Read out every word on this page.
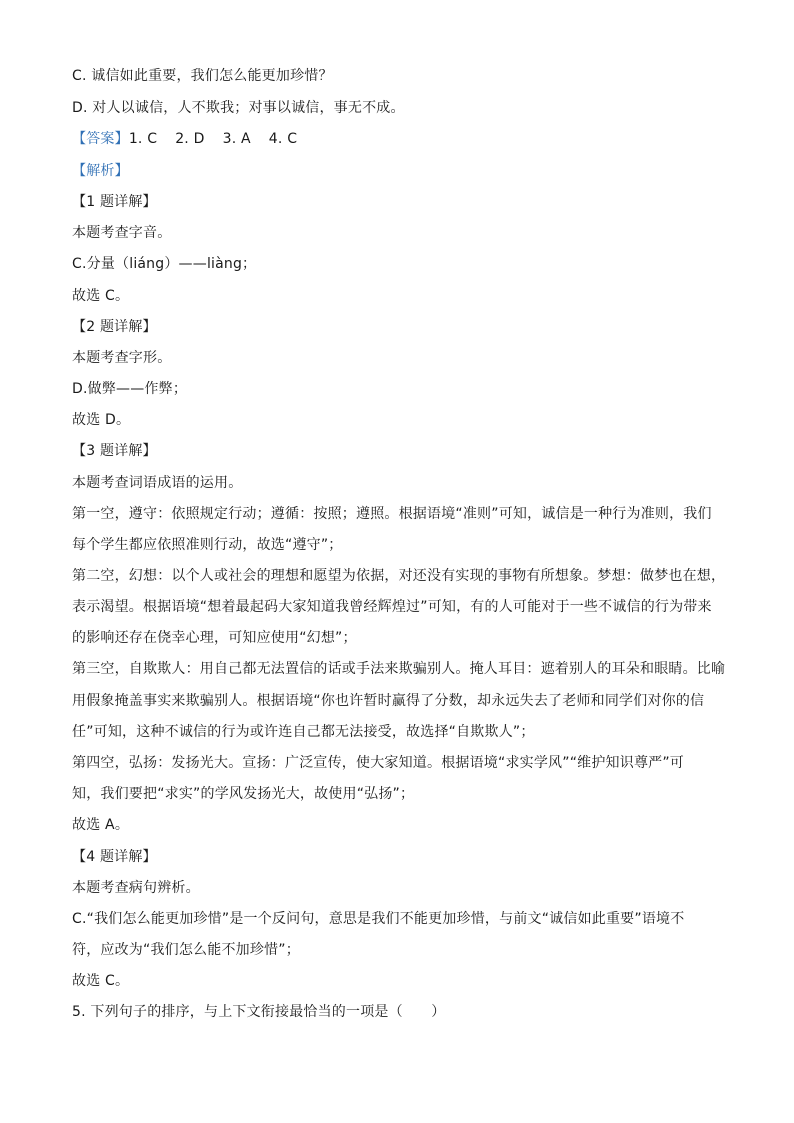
C. 诚信如此重要，我们怎么能更加珍惜？
D. 对人以诚信，人不欺我；对事以诚信，事无不成。
【答案】1. C 2. D 3. A 4. C
【解析】
【1 题详解】
本题考查字音。
C.分量（liáng）——liàng；
故选 C。
【2 题详解】
本题考查字形。
D.做弊——作弊；
故选 D。
【3 题详解】
本题考查词语成语的运用。
第一空，遵守：依照规定行动；遵循：按照；遵照。根据语境“准则”可知，诚信是一种行为准则，我们
每个学生都应依照准则行动，故选“遵守”；
第二空，幻想：以个人或社会的理想和愿望为依据，对还没有实现的事物有所想象。梦想：做梦也在想，
表示渴望。根据语境“想着最起码大家知道我曾经辉煌过”可知，有的人可能对于一些不诚信的行为带来
的影响还存在侥幸心理，可知应使用“幻想”；
第三空，自欺欺人：用自己都无法置信的话或手法来欺骗别人。掩人耳目：遮着别人的耳朵和眼睛。比喻
用假象掩盖事实来欺骗别人。根据语境“你也许暂时赢得了分数，却永远失去了老师和同学们对你的信
任”可知，这种不诚信的行为或许连自己都无法接受，故选择“自欺欺人”；
第四空，弘扬：发扬光大。宣扬：广泛宣传，使大家知道。根据语境“求实学风”“维护知识尊严”可
知，我们要把“求实”的学风发扬光大，故使用“弘扬”；
故选 A。
【4 题详解】
本题考查病句辨析。
C.“我们怎么能更加珍惜”是一个反问句，意思是我们不能更加珍惜，与前文“诚信如此重要”语境不
符，应改为“我们怎么能不加珍惜”；
故选 C。
5. 下列句子的排序，与上下文衔接最恰当的一项是（　　）
